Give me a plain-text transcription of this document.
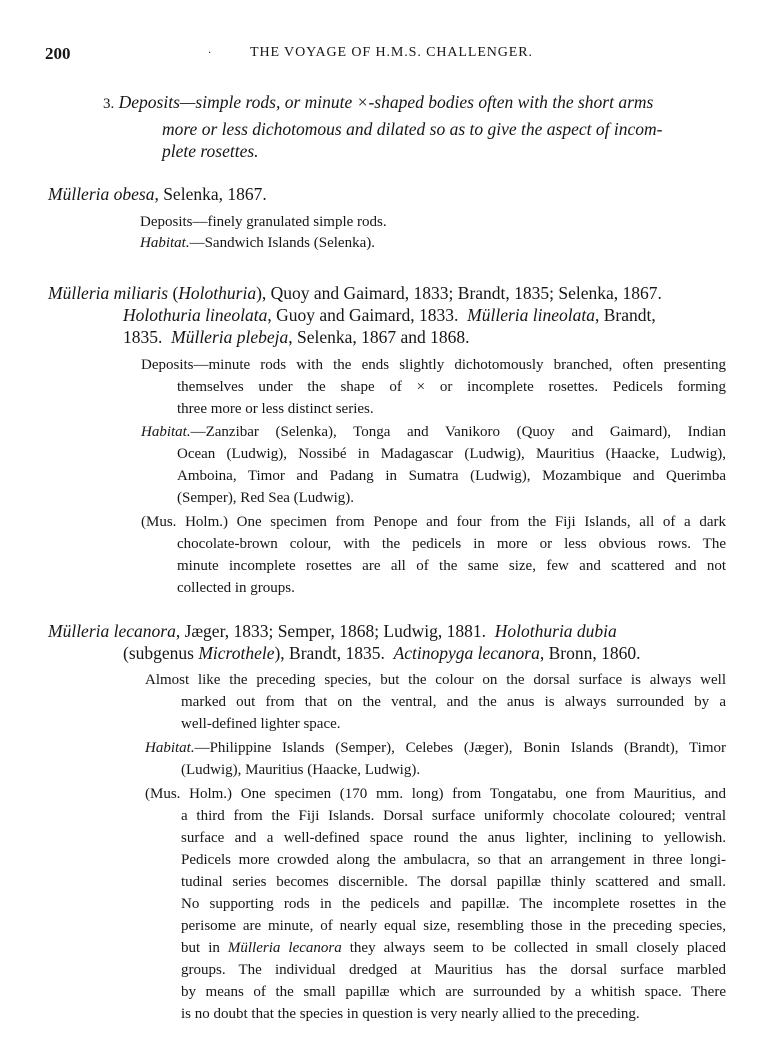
200	·	THE VOYAGE OF H.M.S. CHALLENGER.
3. Deposits—simple rods, or minute ×-shaped bodies often with the short arms
more or less dichotomous and dilated so as to give the aspect of incom-
plete rosettes.
Mülleria obesa, Selenka, 1867.
Deposits—finely granulated simple rods.
Habitat.—Sandwich Islands (Selenka).
Mülleria miliaris (Holothuria), Quoy and Gaimard, 1833; Brandt, 1835; Selenka, 1867.
Holothuria lineolata, Guoy and Gaimard, 1833. Mülleria lineolata, Brandt,
1835. Mülleria plebeja, Selenka, 1867 and 1868.
Deposits—minute rods with the ends slightly dichotomously branched, often presenting
themselves under the shape of × or incomplete rosettes. Pedicels forming
three more or less distinct series.
Habitat.—Zanzibar (Selenka), Tonga and Vanikoro (Quoy and Gaimard), Indian
Ocean (Ludwig), Nossibé in Madagascar (Ludwig), Mauritius (Haacke, Ludwig),
Amboina, Timor and Padang in Sumatra (Ludwig), Mozambique and Querimba
(Semper), Red Sea (Ludwig).
(Mus. Holm.) One specimen from Penope and four from the Fiji Islands, all of a dark
chocolate-brown colour, with the pedicels in more or less obvious rows. The
minute incomplete rosettes are all of the same size, few and scattered and not
collected in groups.
Mülleria lecanora, Jæger, 1833; Semper, 1868; Ludwig, 1881. Holothuria dubia
(subgenus Microthele), Brandt, 1835. Actinopyga lecanora, Bronn, 1860.
Almost like the preceding species, but the colour on the dorsal surface is always well
marked out from that on the ventral, and the anus is always surrounded by a
well-defined lighter space.
Habitat.—Philippine Islands (Semper), Celebes (Jæger), Bonin Islands (Brandt), Timor
(Ludwig), Mauritius (Haacke, Ludwig).
(Mus. Holm.) One specimen (170 mm. long) from Tongatabu, one from Mauritius, and
a third from the Fiji Islands. Dorsal surface uniformly chocolate coloured; ventral
surface and a well-defined space round the anus lighter, inclining to yellowish.
Pedicels more crowded along the ambulacra, so that an arrangement in three longi-
tudinal series becomes discernible. The dorsal papillæ thinly scattered and small.
No supporting rods in the pedicels and papillæ. The incomplete rosettes in the
perisome are minute, of nearly equal size, resembling those in the preceding species,
but in Mülleria lecanora they always seem to be collected in small closely placed
groups. The individual dredged at Mauritius has the dorsal surface marbled
by means of the small papillæ which are surrounded by a whitish space. There
is no doubt that the species in question is very nearly allied to the preceding.
